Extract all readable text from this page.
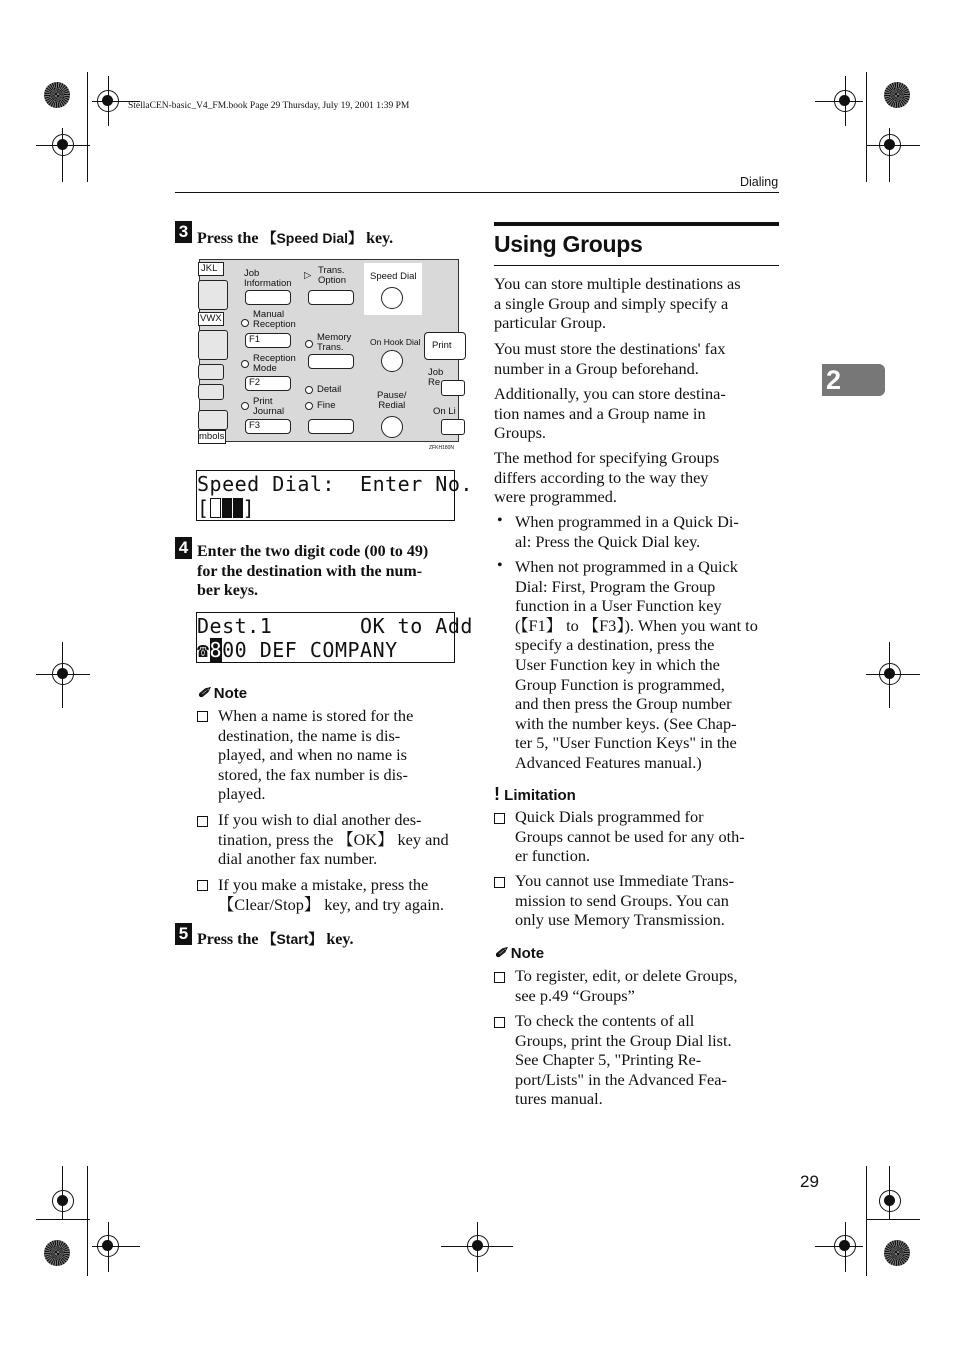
StellaCEN-basic_V4_FM.book Page 29 Thursday, July 19, 2001 1:39 PM
Dialing
2
3 Press the 【Speed Dial】 key.
JKL
VWX
mbols
Job
Information
▷ Trans.
Option	Speed Dial
Manual
Reception
F1	Memory
Trans.	On Hook Dial
Reception
Mode
F2
Detail
Pause/
Redial
Print
Journal
F3
Fine
Print
Job Re
On Li
ZFKH180N
Speed Dial:  Enter No.
[ ]
4 Enter the two digit code (00 to 49)
for the destination with the num-
ber keys.
Dest.1       OK to Add
☎800 DEF COMPANY
✐ Note
When a name is stored for the
destination, the name is dis-
played, and when no name is
stored, the fax number is dis-
played.
If you wish to dial another des-
tination, press the 【OK】 key and
dial another fax number.
If you make a mistake, press the
【Clear/Stop】 key, and try again.
5 Press the 【Start】 key.
Using Groups
You can store multiple destinations as
a single Group and simply specify a
particular Group.
You must store the destinations' fax
number in a Group beforehand.
Additionally, you can store destina-
tion names and a Group name in
Groups.
The method for specifying Groups
differs according to the way they
were programmed.
• When programmed in a Quick Di-
al: Press the Quick Dial key.
• When not programmed in a Quick
Dial: First, Program the Group
function in a User Function key
(【F1】 to 【F3】). When you want to
specify a destination, press the
User Function key in which the
Group Function is programmed,
and then press the Group number
with the number keys. (See Chap-
ter 5, "User Function Keys" in the
Advanced Features manual.)
! Limitation
Quick Dials programmed for
Groups cannot be used for any oth-
er function.
You cannot use Immediate Trans-
mission to send Groups. You can
only use Memory Transmission.
✐ Note
To register, edit, or delete Groups,
see p.49 “Groups”
To check the contents of all
Groups, print the Group Dial list.
See Chapter 5, "Printing Re-
port/Lists" in the Advanced Fea-
tures manual.
29
